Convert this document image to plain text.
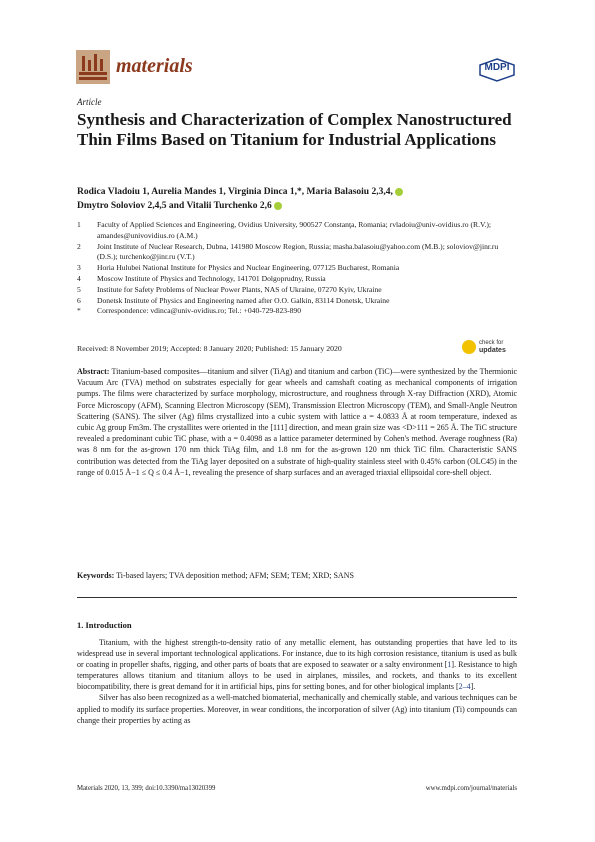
materials	MDPI
Article
Synthesis and Characterization of Complex Nanostructured Thin Films Based on Titanium for Industrial Applications
Rodica Vladoiu 1, Aurelia Mandes 1, Virginia Dinca 1,*, Maria Balasoiu 2,3,4,
Dmytro Soloviov 2,4,5 and Vitalii Turchenko 2,6
1	Faculty of Applied Sciences and Engineering, Ovidius University, 900527 Constanţa, Romania; rvladoiu@univ-ovidius.ro (R.V.); amandes@univovidius.ro (A.M.)
2	Joint Institute of Nuclear Research, Dubna, 141980 Moscow Region, Russia; masha.balasoiu@yahoo.com (M.B.); soloviov@jinr.ru (D.S.); turchenko@jinr.ru (V.T.)
3	Horia Hulubei National Institute for Physics and Nuclear Engineering, 077125 Bucharest, Romania
4	Moscow Institute of Physics and Technology, 141701 Dolgoprudny, Russia
5	Institute for Safety Problems of Nuclear Power Plants, NAS of Ukraine, 07270 Kyiv, Ukraine
6	Donetsk Institute of Physics and Engineering named after O.O. Galkin, 83114 Donetsk, Ukraine
*	Correspondence: vdinca@univ-ovidius.ro; Tel.: +040-729-823-890
Received: 8 November 2019; Accepted: 8 January 2020; Published: 15 January 2020
check for
updates
Abstract: Titanium-based composites—titanium and silver (TiAg) and titanium and carbon (TiC)—were synthesized by the Thermionic Vacuum Arc (TVA) method on substrates especially for gear wheels and camshaft coating as mechanical components of irrigation pumps. The films were characterized by surface morphology, microstructure, and roughness through X-ray Diffraction (XRD), Atomic Force Microscopy (AFM), Scanning Electron Microscopy (SEM), Transmission Electron Microscopy (TEM), and Small-Angle Neutron Scattering (SANS). The silver (Ag) films crystallized into a cubic system with lattice a = 4.0833 Å at room temperature, indexed as cubic Ag group Fm3m. The crystallites were oriented in the [111] direction, and mean grain size was <D>111 = 265 Å. The TiC structure revealed a predominant cubic TiC phase, with a = 0.4098 as a lattice parameter determined by Cohen's method. Average roughness (Ra) was 8 nm for the as-grown 170 nm thick TiAg film, and 1.8 nm for the as-grown 120 nm thick TiC film. Characteristic SANS contribution was detected from the TiAg layer deposited on a substrate of high-quality stainless steel with 0.45% carbon (OLC45) in the range of 0.015 Å−1 ≤ Q ≤ 0.4 Å−1, revealing the presence of sharp surfaces and an averaged triaxial ellipsoidal core-shell object.
Keywords: Ti-based layers; TVA deposition method; AFM; SEM; TEM; XRD; SANS
1. Introduction

Titanium, with the highest strength-to-density ratio of any metallic element, has outstanding properties that have led to its widespread use in several important technological applications. For instance, due to its high corrosion resistance, titanium is used as bulk or coating in propeller shafts, rigging, and other parts of boats that are exposed to seawater or a salty environment [1]. Resistance to high temperatures allows titanium and titanium alloys to be used in airplanes, missiles, and rockets, and thanks to its excellent biocompatibility, there is great demand for it in artificial hips, pins for setting bones, and for other biological implants [2–4].

Silver has also been recognized as a well-matched biomaterial, mechanically and chemically stable, and various techniques can be applied to modify its surface properties. Moreover, in wear conditions, the incorporation of silver (Ag) into titanium (Ti) compounds can change their properties by acting as

Materials 2020, 13, 399; doi:10.3390/ma13020399	www.mdpi.com/journal/materials
